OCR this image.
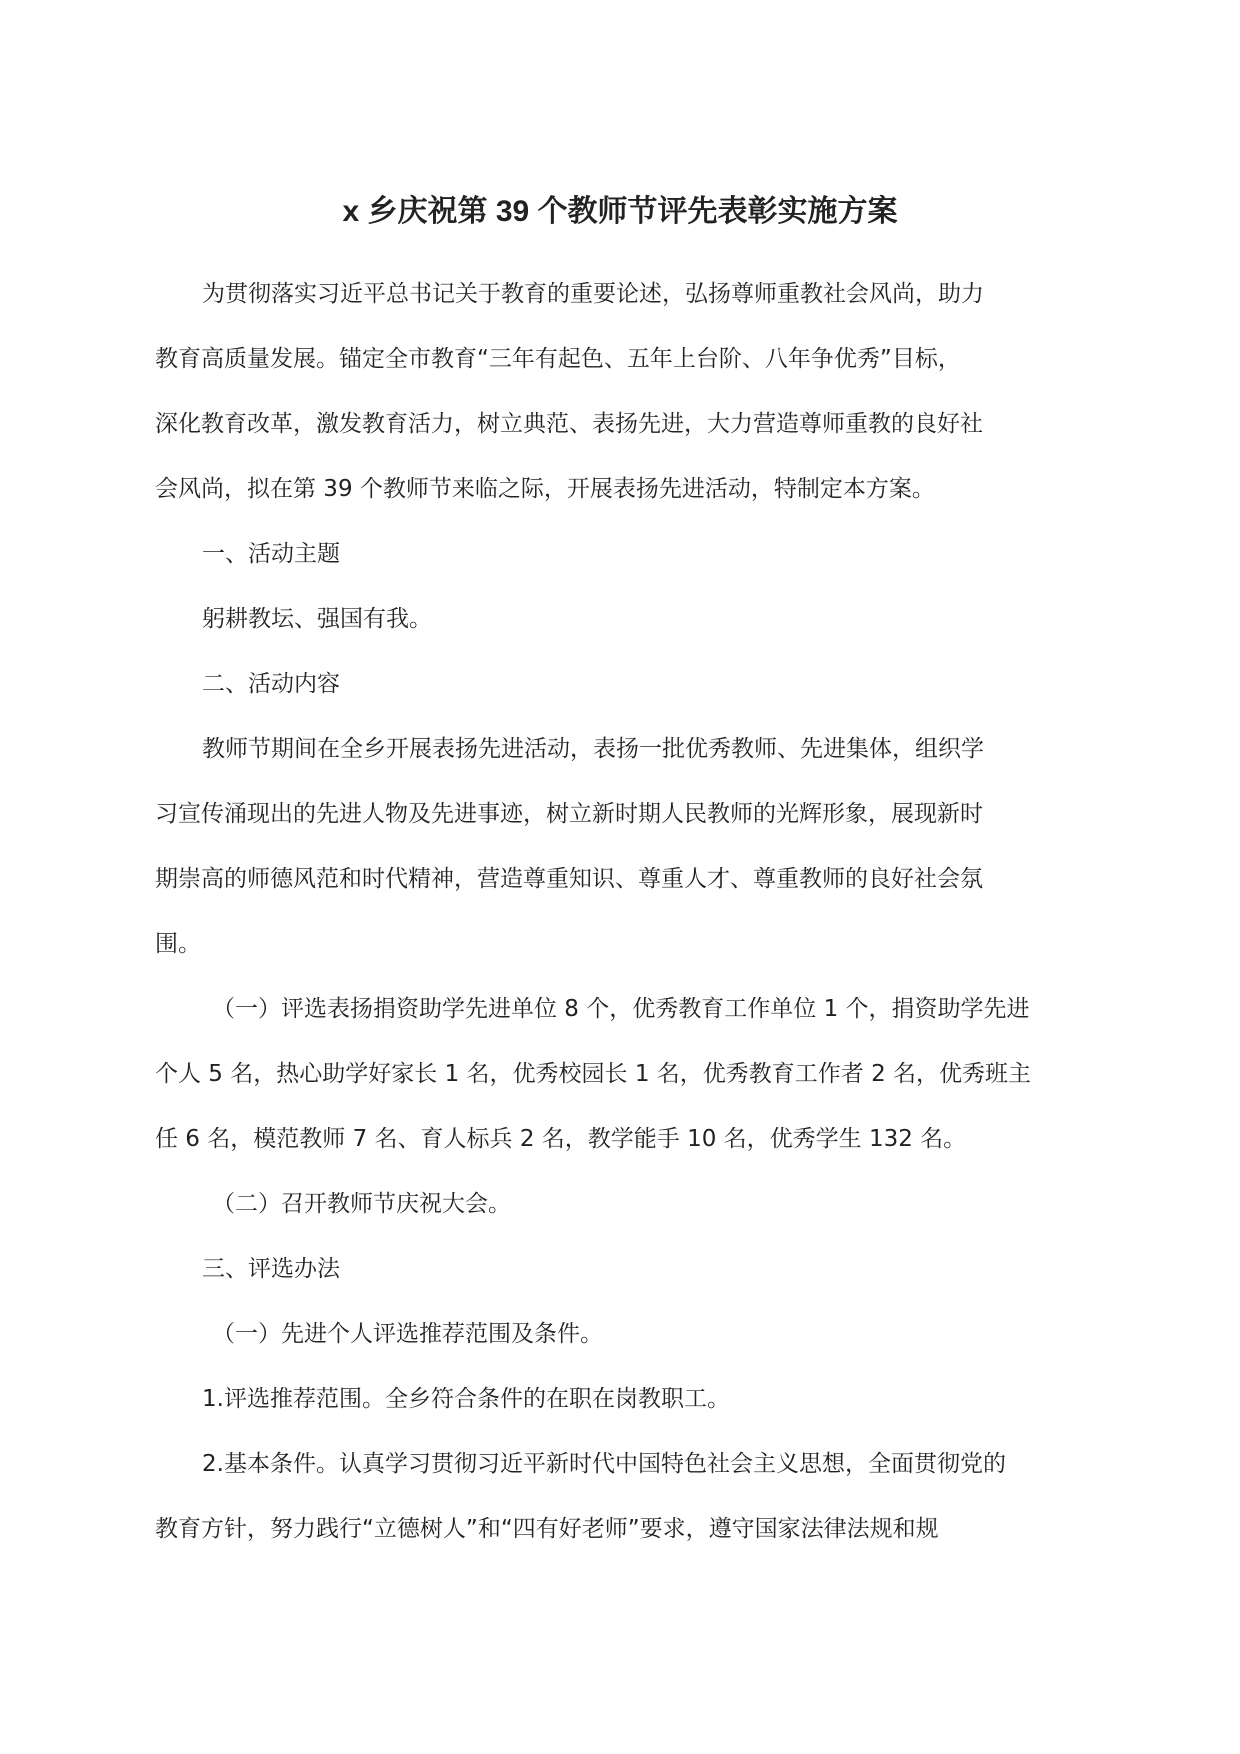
x 乡庆祝第 39 个教师节评先表彰实施方案

为贯彻落实习近平总书记关于教育的重要论述，弘扬尊师重教社会风尚，助力

教育高质量发展。锚定全市教育“三年有起色、五年上台阶、八年争优秀”目标，

深化教育改革，激发教育活力，树立典范、表扬先进，大力营造尊师重教的良好社

会风尚，拟在第 39 个教师节来临之际，开展表扬先进活动，特制定本方案。

一、活动主题

躬耕教坛、强国有我。

二、活动内容

教师节期间在全乡开展表扬先进活动，表扬一批优秀教师、先进集体，组织学

习宣传涌现出的先进人物及先进事迹，树立新时期人民教师的光辉形象，展现新时

期崇高的师德风范和时代精神，营造尊重知识、尊重人才、尊重教师的良好社会氛

围。

（一）评选表扬捐资助学先进单位 8 个，优秀教育工作单位 1 个，捐资助学先进

个人 5 名，热心助学好家长 1 名，优秀校园长 1 名，优秀教育工作者 2 名，优秀班主

任 6 名，模范教师 7 名、育人标兵 2 名，教学能手 10 名，优秀学生 132 名。

（二）召开教师节庆祝大会。

三、评选办法

（一）先进个人评选推荐范围及条件。

1.评选推荐范围。全乡符合条件的在职在岗教职工。

2.基本条件。认真学习贯彻习近平新时代中国特色社会主义思想，全面贯彻党的

教育方针，努力践行“立德树人”和“四有好老师”要求，遵守国家法律法规和规
